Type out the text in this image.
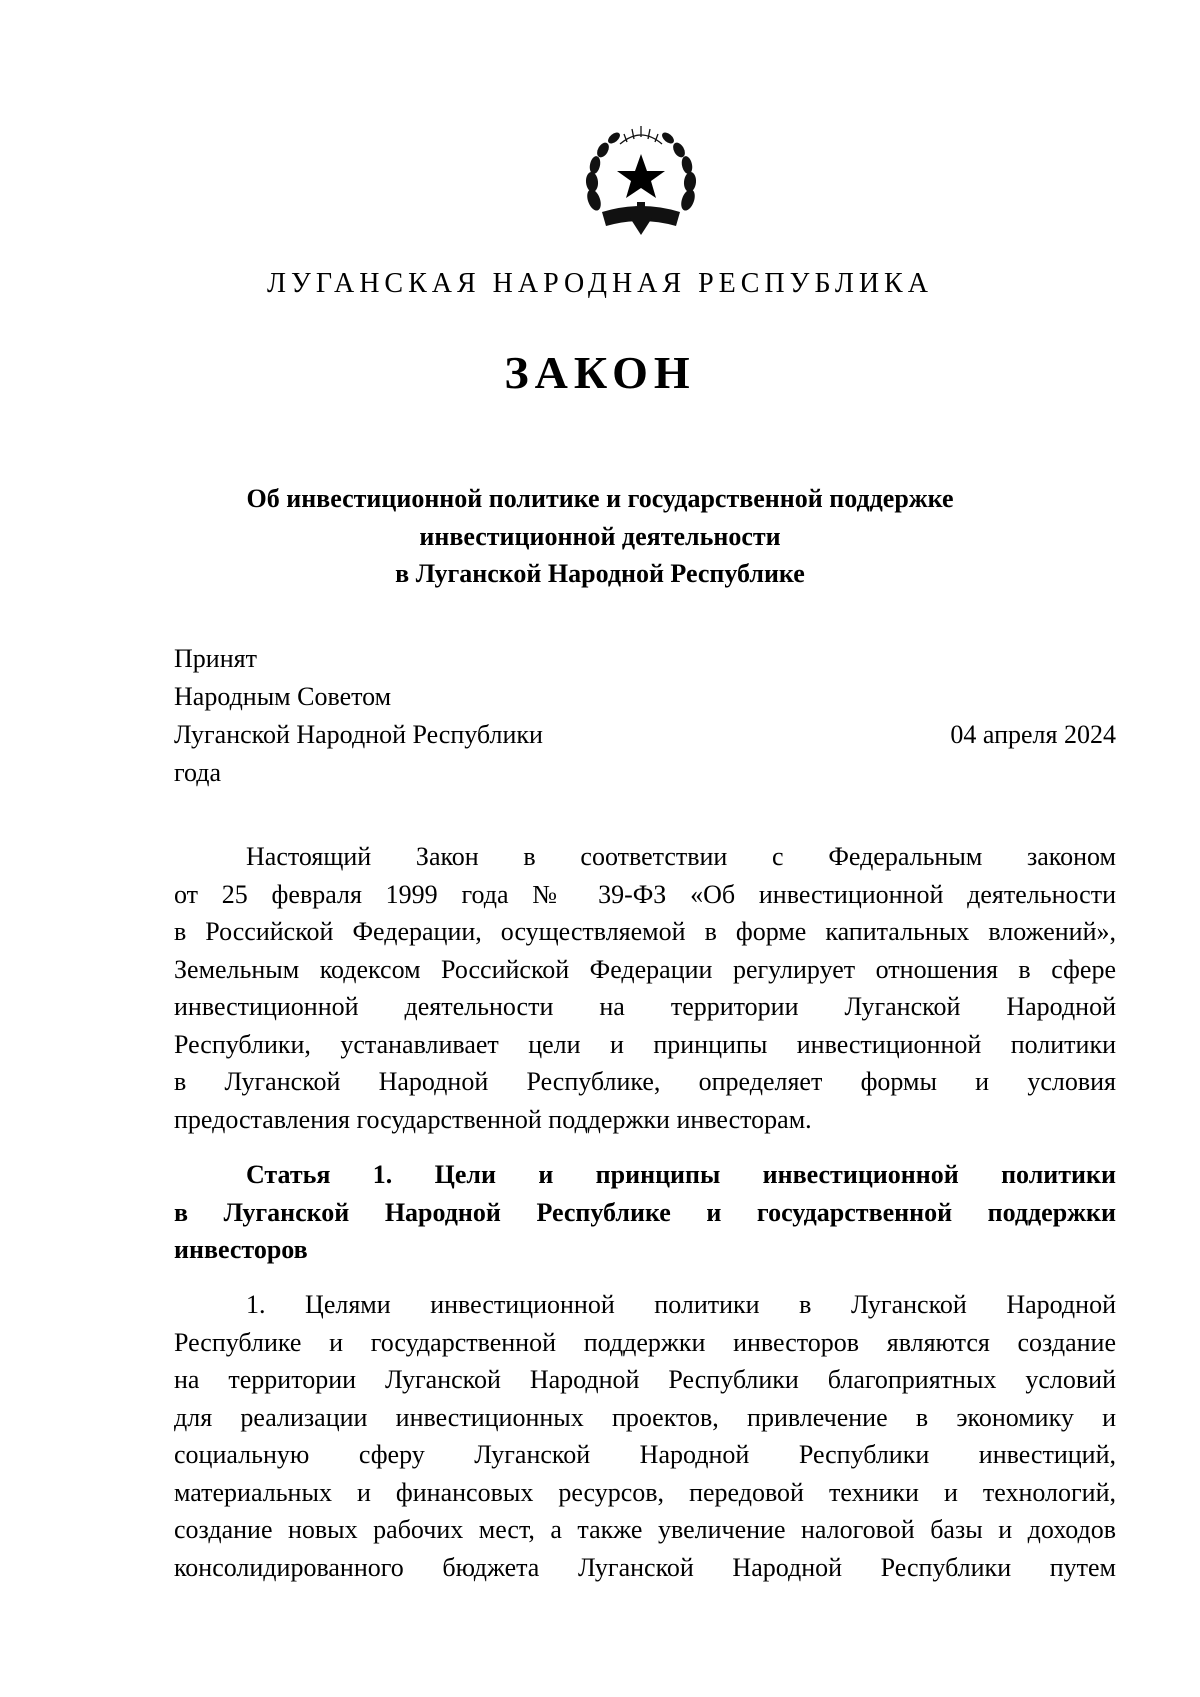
ЛУГАНСКАЯ НАРОДНАЯ РЕСПУБЛИКА
ЗАКОН
Об инвестиционной политике и государственной поддержке
инвестиционной деятельности
в Луганской Народной Республике
Принят
Народным Советом
Луганской Народной Республики
года
04 апреля 2024
Настоящий Закон в соответствии с Федеральным законом
от 25 февраля 1999 года № 39-ФЗ «Об инвестиционной деятельности
в Российской Федерации, осуществляемой в форме капитальных вложений»,
Земельным кодексом Российской Федерации регулирует отношения в сфере
инвестиционной деятельности на территории Луганской Народной
Республики, устанавливает цели и принципы инвестиционной политики
в Луганской Народной Республике, определяет формы и условия
предоставления государственной поддержки инвесторам.
Статья 1. Цели и принципы инвестиционной политики
в Луганской Народной Республике и государственной поддержки
инвесторов
1. Целями инвестиционной политики в Луганской Народной
Республике и государственной поддержки инвесторов являются создание
на территории Луганской Народной Республики благоприятных условий
для реализации инвестиционных проектов, привлечение в экономику и
социальную сферу Луганской Народной Республики инвестиций,
материальных и финансовых ресурсов, передовой техники и технологий,
создание новых рабочих мест, а также увеличение налоговой базы и доходов
консолидированного бюджета Луганской Народной Республики путем
